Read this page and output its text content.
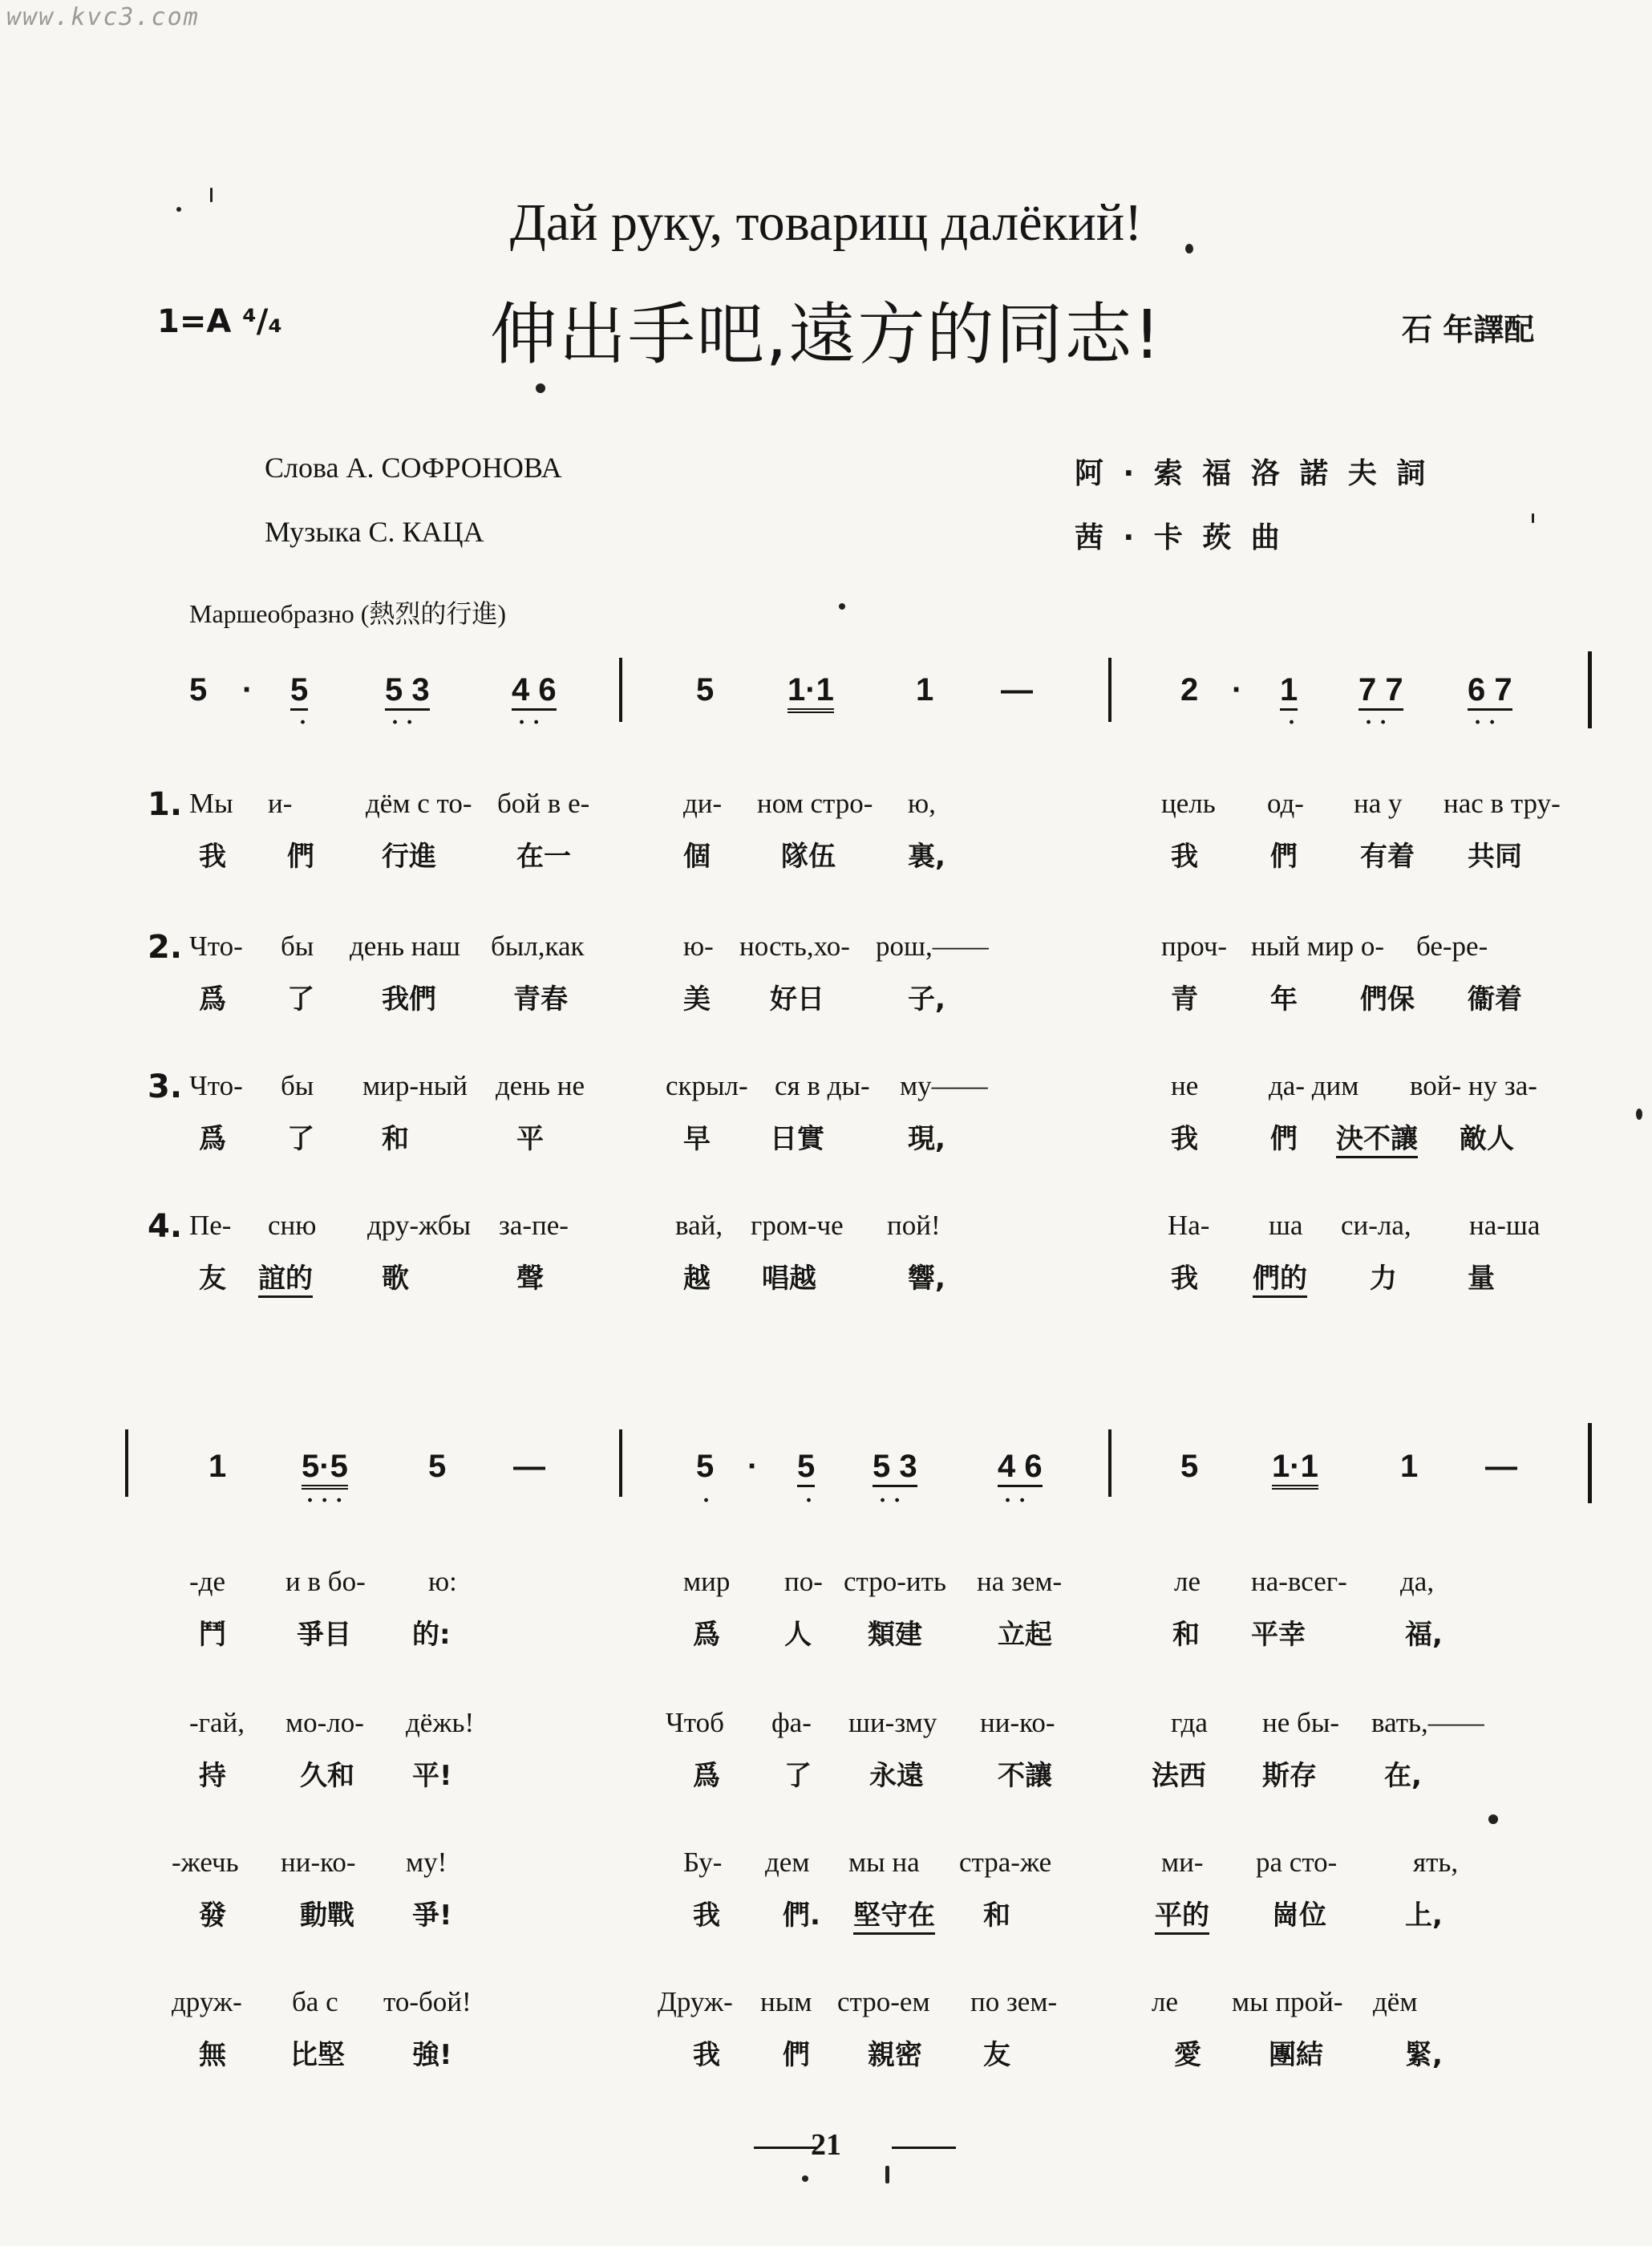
www.kvc3.com
Дай руку, товарищ далёкий!
1=A ⁴/₄	伸出手吧,遠方的同志!	石 年譯配
Слова А. СОФРОНОВА
Музыка С. КАЦА
阿 · 索 福 洛 諾 夫 詞
茜 · 卡 莰 曲
Маршеобразно (熱烈的行進)
5 · 5 5 3	4 6	5 1·1	1 —	2 · 1 7 7 6 7
·	· ·	· ·	·	· ·	· ·
1.
2.
3.
4.
Мы и-	дём с то- бой в е-	ди- ном стро- ю,	цель од- на у нас в тру-
我 們 行進	在一	個	隊伍	裏,	我	們 有着 共同
Что- бы день наш был,как	ю- ность,хо- рош,——	проч- ный мир о- бе-ре-
爲 了 我們	青春	美 好日	子,	青	年 們保 衞着
Что- бы мир-ный день не	скрыл- ся в ды- му——	не	да- дим вой- ну за-
爲 了 和	平	早 日實	現,	我	們 決不讓 敵人
Пе- сню дру-жбы за-пе-	вай, гром-че пой!	На- ша си-ла, на-ша
友 誼的	歌	聲	越 唱越	響,	我 們的 力	量
1 5·5	5 —	5 · 5 5 3	4 6	5 1·1	1 —
· · ·	·	·	· ·	· ·
-де и в бо- ю:	мир по- стро-ить на зем-	ле на-всег- да,
鬥	爭目 的:	爲 人 類建	立起	和 平幸	福,
-гай, мо-ло- дёжь!	Чтоб фа- ши-зму ни-ко-	гда не бы- вать,——
持	久和 平!	爲 了 永遠	不讓	法西 斯存 在,
-жечь ни-ко- му!	Бу- дем мы на стра-же	ми- ра сто-	ять,
發	動戰 爭!	我 們. 堅守在 和	平的 崗位	上,
друж- ба с то-бой!	Друж- ным стро-ем по зем-	ле мы прой- дём
無 比堅 強!	我 們 親密 友	愛 團結	緊,
21
